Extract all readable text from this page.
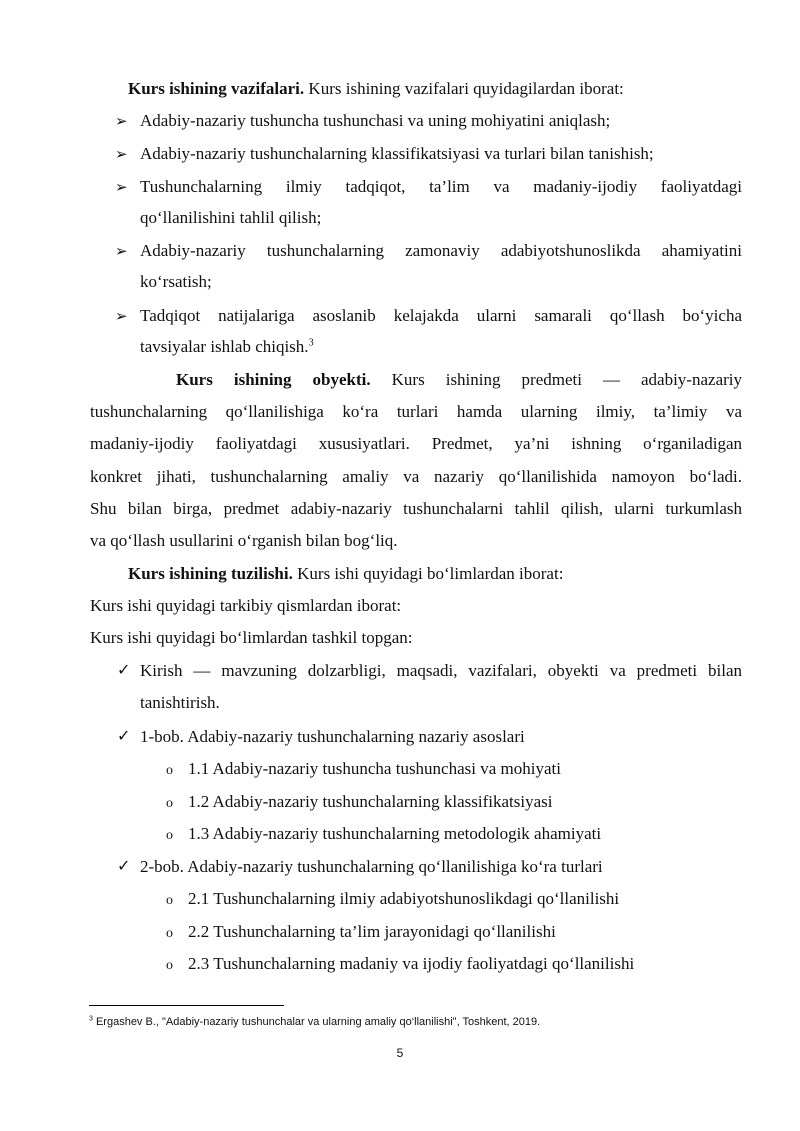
Kurs ishining vazifalari. Kurs ishining vazifalari quyidagilardan iborat:
➢ Adabiy-nazariy tushuncha tushunchasi va uning mohiyatini aniqlash;
➢ Adabiy-nazariy tushunchalarning klassifikatsiyasi va turlari bilan tanishish;
➢ Tushunchalarning ilmiy tadqiqot, ta’lim va madaniy-ijodiy faoliyatdagi
qo‘llanilishini tahlil qilish;
➢ Adabiy-nazariy tushunchalarning zamonaviy adabiyotshunoslikda ahamiyatini
ko‘rsatish;
➢ Tadqiqot natijalariga asoslanib kelajakda ularni samarali qo‘llash bo‘yicha
tavsiyalar ishlab chiqish.$^3$
Kurs ishining obyekti. Kurs ishining predmeti — adabiy-nazariy
tushunchalarning qo‘llanilishiga ko‘ra turlari hamda ularning ilmiy, ta’limiy va
madaniy-ijodiy faoliyatdagi xususiyatlari. Predmet, ya’ni ishning o‘rganiladigan
konkret jihati, tushunchalarning amaliy va nazariy qo‘llanilishida namoyon bo‘ladi.
Shu bilan birga, predmet adabiy-nazariy tushunchalarni tahlil qilish, ularni turkumlash
va qo‘llash usullarini o‘rganish bilan bog‘liq.
Kurs ishining tuzilishi. Kurs ishi quyidagi bo‘limlardan iborat:
Kurs ishi quyidagi tarkibiy qismlardan iborat:
Kurs ishi quyidagi bo‘limlardan tashkil topgan:
✓ Kirish — mavzuning dolzarbligi, maqsadi, vazifalari, obyekti va predmeti bilan
tanishtirish.
✓ 1-bob. Adabiy-nazariy tushunchalarning nazariy asoslari
o 1.1 Adabiy-nazariy tushuncha tushunchasi va mohiyati
o 1.2 Adabiy-nazariy tushunchalarning klassifikatsiyasi
o 1.3 Adabiy-nazariy tushunchalarning metodologik ahamiyati
✓ 2-bob. Adabiy-nazariy tushunchalarning qo‘llanilishiga ko‘ra turlari
o 2.1 Tushunchalarning ilmiy adabiyotshunoslikdagi qo‘llanilishi
o 2.2 Tushunchalarning ta’lim jarayonidagi qo‘llanilishi
o 2.3 Tushunchalarning madaniy va ijodiy faoliyatdagi qo‘llanilishi
$^3$ Ergashev B., "Adabiy-nazariy tushunchalar va ularning amaliy qo‘llanilishi", Toshkent, 2019.
5
